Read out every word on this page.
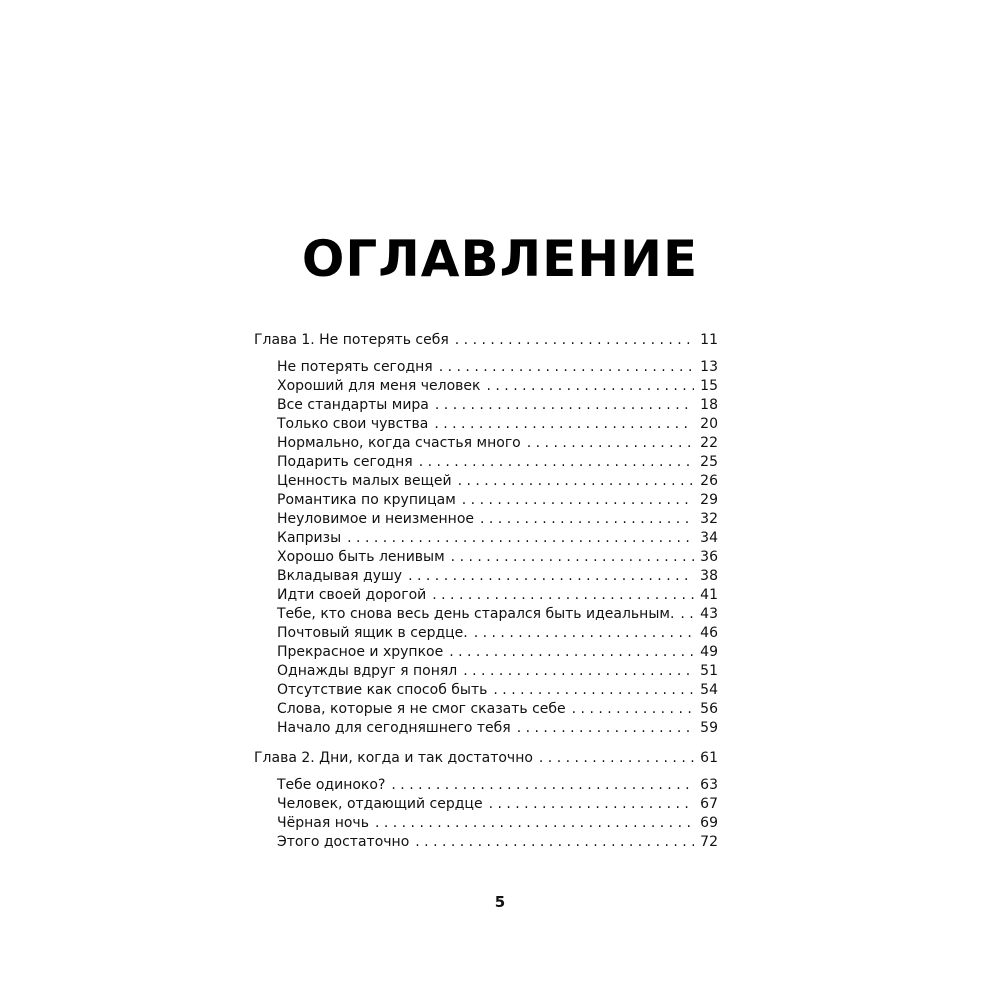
ОГЛАВЛЕНИЕ
Глава 1. Не потерять себя . . .	11
Не потерять сегодня . . .	13
Хороший для меня человек . . .	15
Все стандарты мира . . .	18
Только свои чувства . . .	20
Нормально, когда счастья много . . .	22
Подарить сегодня . . .	25
Ценность малых вещей . . .	26
Романтика по крупицам . . .	29
Неуловимое и неизменное . . .	32
Капризы . . .	34
Хорошо быть ленивым . . .	36
Вкладывая душу . . .	38
Идти своей дорогой . . .	41
Тебе, кто снова весь день старался быть идеальным. . . . 43
Почтовый ящик в сердце. . . .	46
Прекрасное и хрупкое . . .	49
Однажды вдруг я понял . . .	51
Отсутствие как способ быть . . .	54
Слова, которые я не смог сказать себе . . .	56
Начало для сегодняшнего тебя . . .	59
Глава 2. Дни, когда и так достаточно . . .	61
Тебе одиноко? . . .	63
Человек, отдающий сердце . . .	67
Чёрная ночь . . .	69
Этого достаточно . . .	72
5
